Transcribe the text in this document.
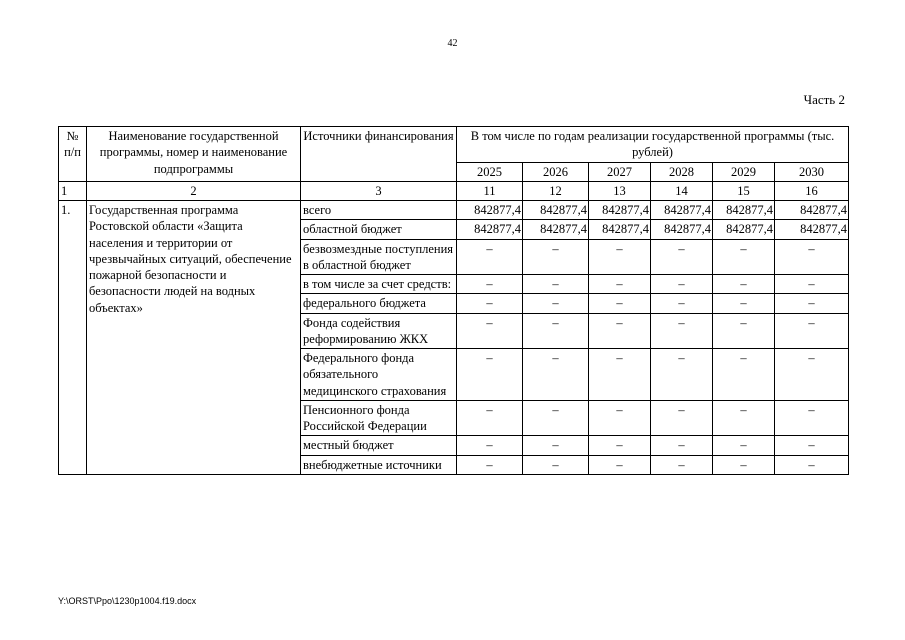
42
Часть 2
№ п/п	Наименование государственной программы, номер и наименование подпрограммы	Источники финансирования	В том числе по годам реализации государственной программы (тыс. рублей)					
			2025	2026	2027	2028	2029	2030
1	2	3	11	12	13	14	15	16
1.	Государственная программа Ростовской области «Защита населения и территории от чрезвычайных ситуаций, обеспечение пожарной безопасности и безопасности людей на водных объектах»	всего	842877,4	842877,4	842877,4	842877,4	842877,4	842877,4
		областной бюджет	842877,4	842877,4	842877,4	842877,4	842877,4	842877,4
		безвозмездные поступления в областной бюджет	–	–	–	–	–	–
		в том числе за счет средств:	–	–	–	–	–	–
		федерального бюджета	–	–	–	–	–	–
		Фонда содействия реформированию ЖКХ	–	–	–	–	–	–
		Федерального фонда обязательного медицинского страхования	–	–	–	–	–	–
		Пенсионного фонда Российской Федерации	–	–	–	–	–	–
		местный бюджет	–	–	–	–	–	–
		внебюджетные источники	–	–	–	–	–	–
Y:\ORST\Ppo\1230p1004.f19.docx
